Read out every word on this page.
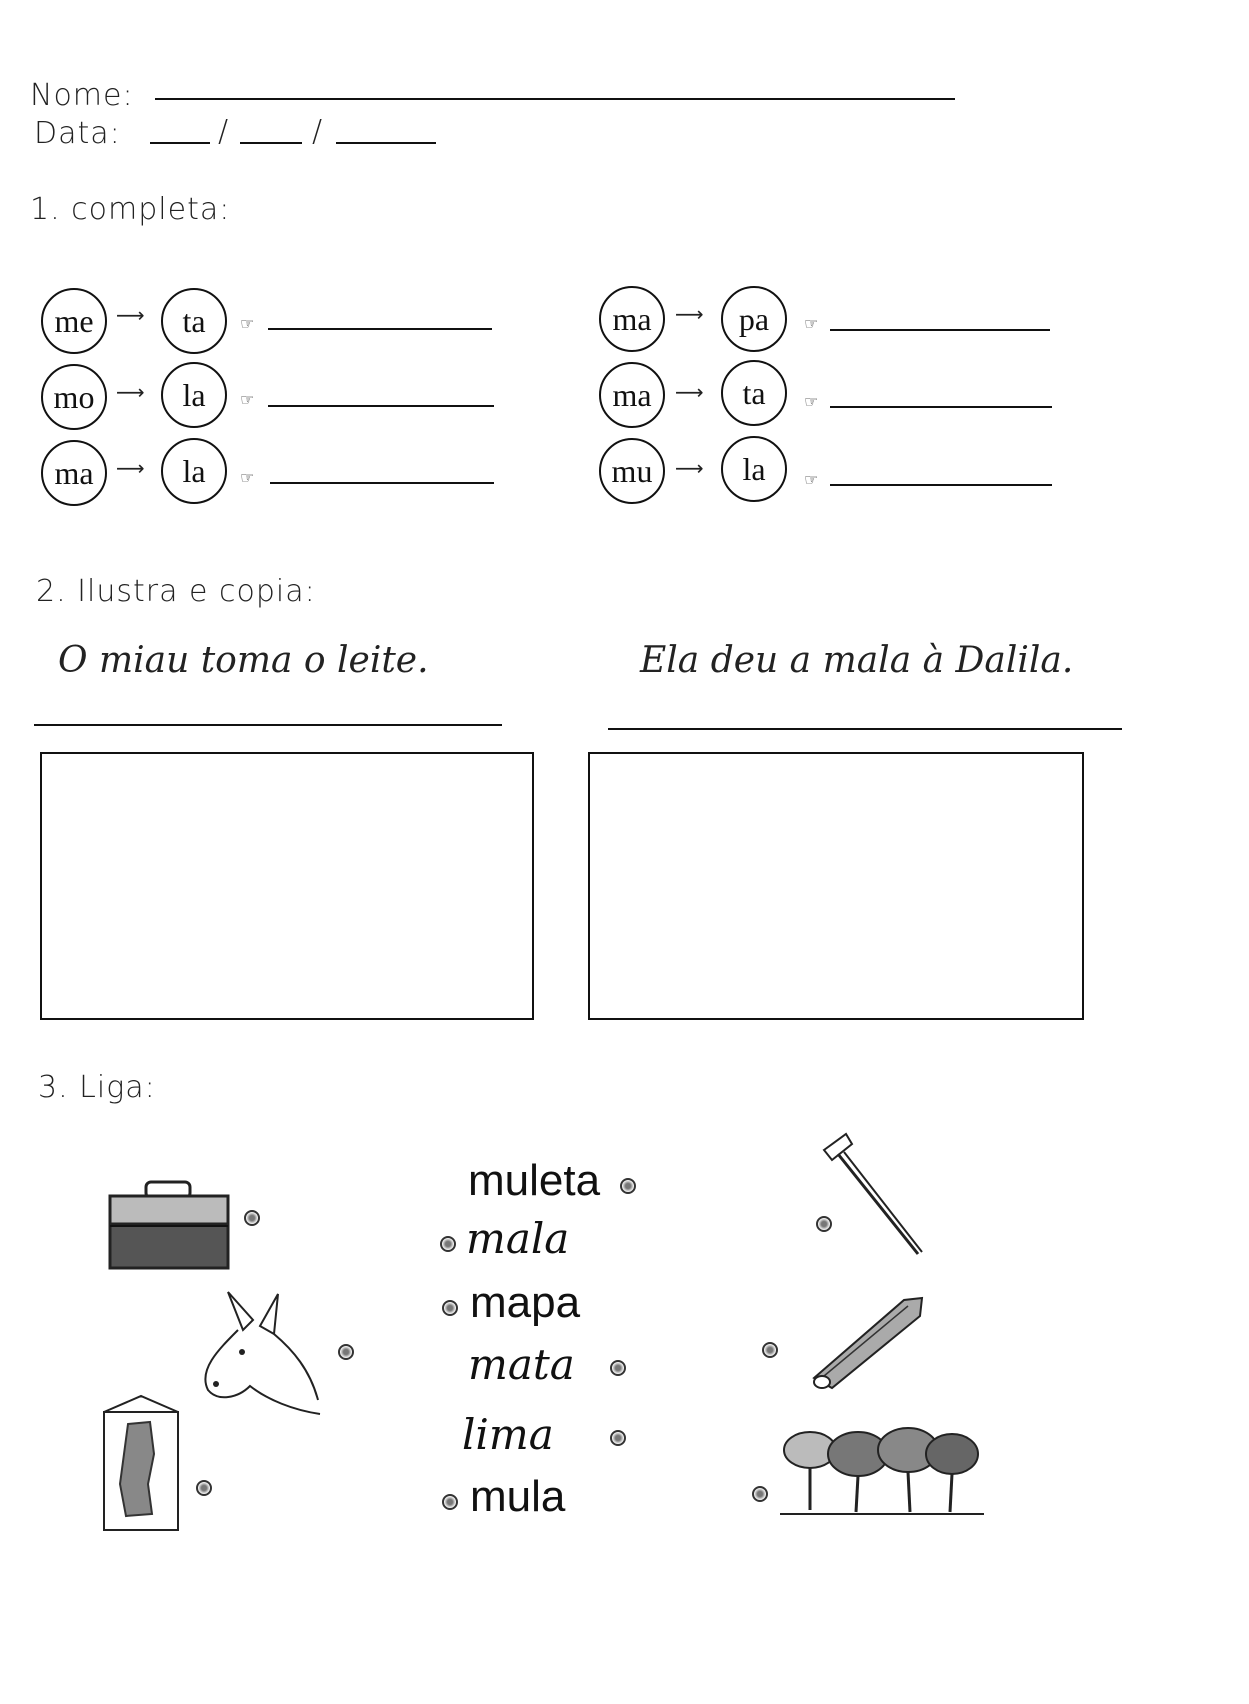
Nome:
Data:	/	/
1. completa:
me	⟶	ta	☞
mo	⟶	la	☞
ma	⟶	la	☞
ma	⟶	pa	☞
ma	⟶	ta	☞
mu	⟶	la	☞
2. Ilustra e copia:
O miau toma o leite.	Ela deu a mala à Dalila.
3. Liga:
muleta
mala
mapa
mata
lima
mula
